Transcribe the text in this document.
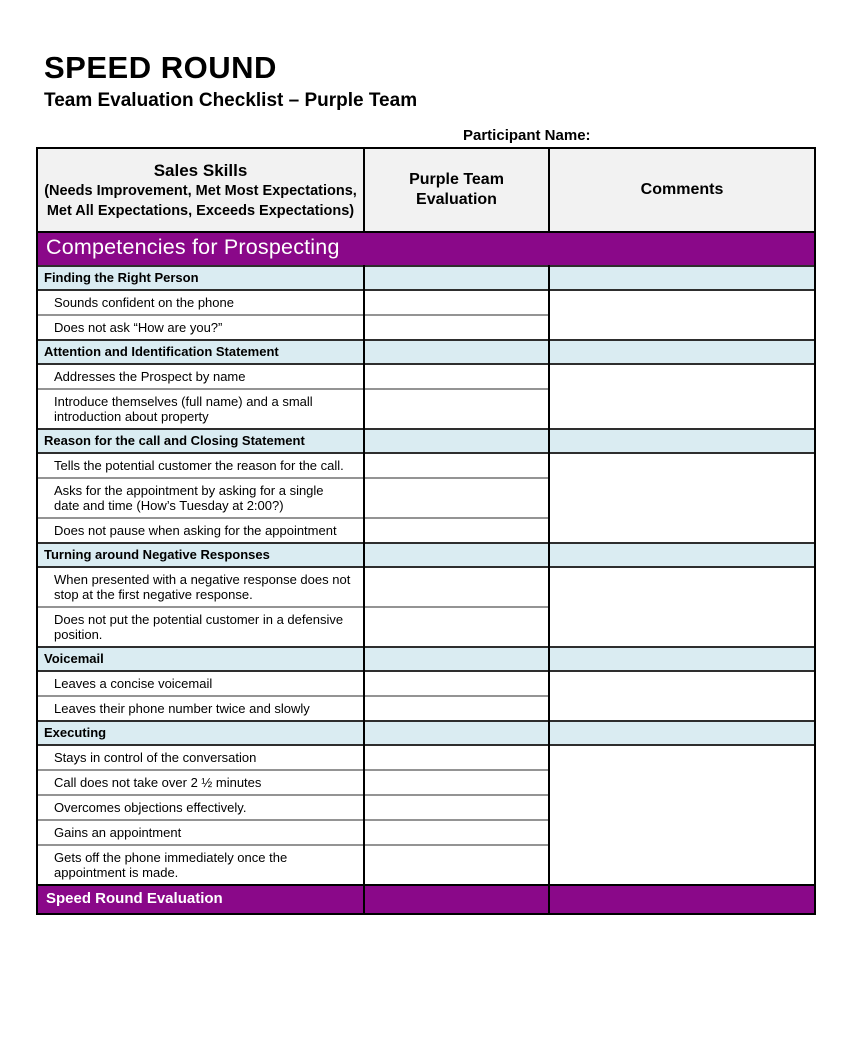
SPEED ROUND
Team Evaluation Checklist – Purple Team
Participant Name:
Sales Skills
(Needs Improvement, Met Most Expectations, Met All Expectations, Exceeds Expectations)	Purple Team Evaluation	Comments
Competencies for Prospecting		
Finding the Right Person		
Sounds confident on the phone		
Does not ask “How are you?”		
Attention and Identification Statement		
Addresses the Prospect by name		
Introduce themselves (full name) and a small introduction about property		
Reason for the call and Closing Statement		
Tells the potential customer the reason for the call.		
Asks for the appointment by asking for a single date and time (How’s Tuesday at 2:00?)		
Does not pause when asking for the appointment		
Turning around Negative Responses		
When presented with a negative response does not stop at the first negative response.		
Does not put the potential customer in a defensive position.		
Voicemail		
Leaves a concise voicemail		
Leaves their phone number twice and slowly		
Executing		
Stays in control of the conversation		
Call does not take over 2 ½ minutes		
Overcomes objections effectively.		
Gains an appointment		
Gets off the phone immediately once the appointment is made.		
Speed Round Evaluation		
